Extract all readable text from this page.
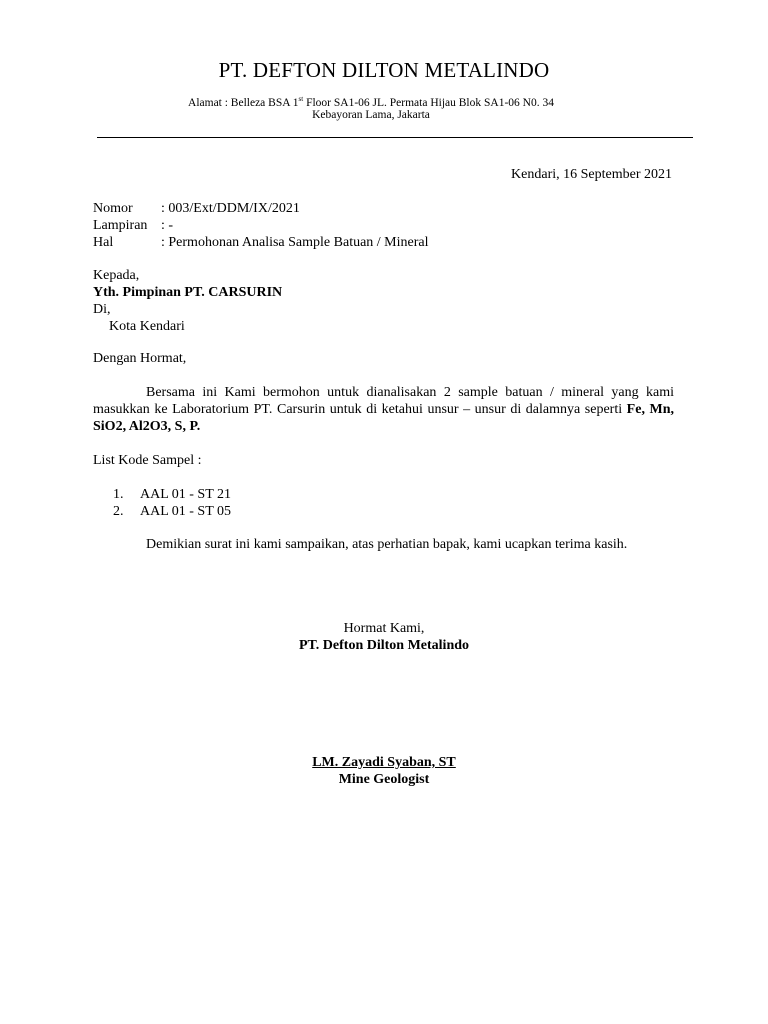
PT. DEFTON DILTON METALINDO
Alamat : Belleza BSA 1st Floor SA1-06 JL. Permata Hijau Blok SA1-06 N0. 34
Kebayoran Lama, Jakarta
Kendari, 16 September 2021
Nomor	: 003/Ext/DDM/IX/2021
Lampiran : -
Hal	: Permohonan Analisa Sample Batuan / Mineral
Kepada,
Yth. Pimpinan PT. CARSURIN
Di,
Kota Kendari
Dengan Hormat,
Bersama ini Kami bermohon untuk dianalisakan 2 sample batuan / mineral yang kami masukkan ke Laboratorium PT. Carsurin untuk di ketahui unsur – unsur di dalamnya seperti Fe, Mn, SiO2, Al2O3, S, P.
List Kode Sampel :
1.	AAL 01 - ST 21
2.	AAL 01 - ST 05
Demikian surat ini kami sampaikan, atas perhatian bapak, kami ucapkan terima kasih.
Hormat Kami,
PT. Defton Dilton Metalindo
LM. Zayadi Syaban, ST
Mine Geologist
